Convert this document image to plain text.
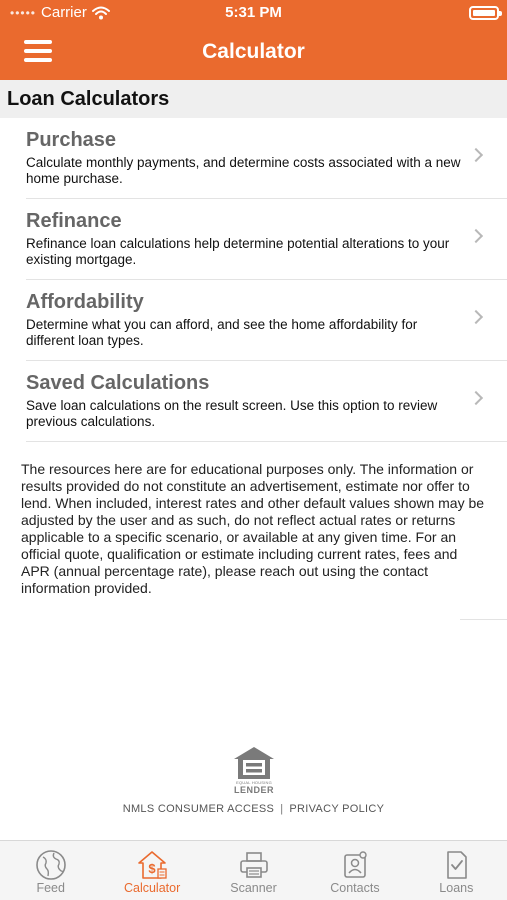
••••• Carrier	5:31 PM
Calculator
Loan Calculators
Purchase
Calculate monthly payments, and determine costs associated with a new home purchase.
Refinance
Refinance loan calculations help determine potential alterations to your existing mortgage.
Affordability
Determine what you can afford, and see the home affordability for different loan types.
Saved Calculations
Save loan calculations on the result screen. Use this option to review previous calculations.

The resources here are for educational purposes only. The information or results provided do not constitute an advertisement, estimate nor offer to lend. When included, interest rates and other default values shown may be adjusted by the user and as such, do not reflect actual rates or returns applicable to a specific scenario, or available at any given time. For an official quote, qualification or estimate including current rates, fees and APR (annual percentage rate), please reach out using the contact information provided.

EQUAL HOUSING
LENDER
NMLS CONSUMER ACCESS | PRIVACY POLICY
Feed
$
Calculator	Scanner	Contacts	Loans
